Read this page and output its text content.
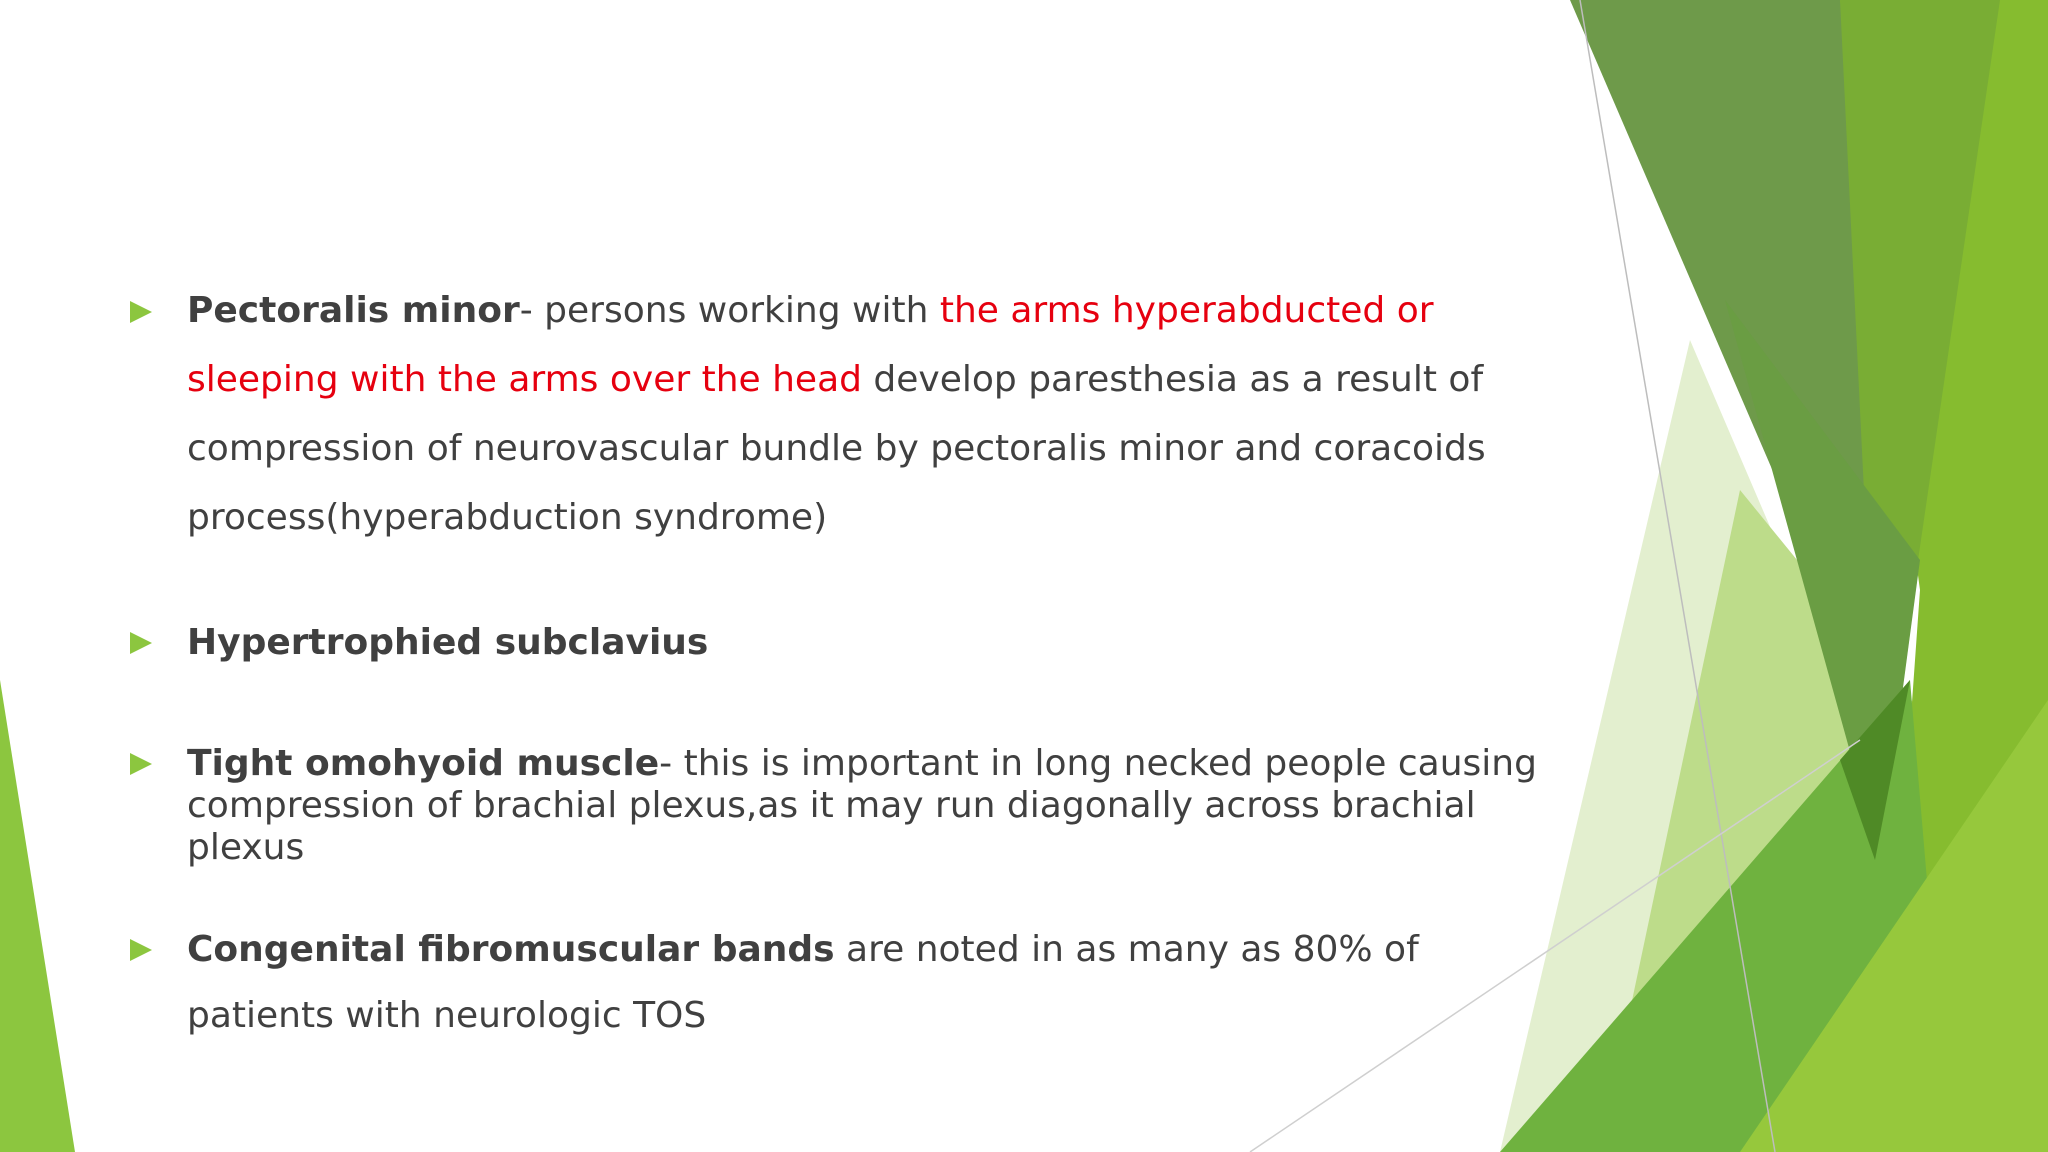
Pectoralis minor- persons working with the arms hyperabducted or sleeping with the arms over the head develop paresthesia as a result of compression of neurovascular bundle by pectoralis minor and coracoids process(hyperabduction syndrome)
Hypertrophied subclavius
Tight omohyoid muscle- this is important in long necked people causing compression of brachial plexus,as it may run diagonally across brachial plexus
Congenital fibromuscular bands are noted in as many as 80% of patients with neurologic TOS
